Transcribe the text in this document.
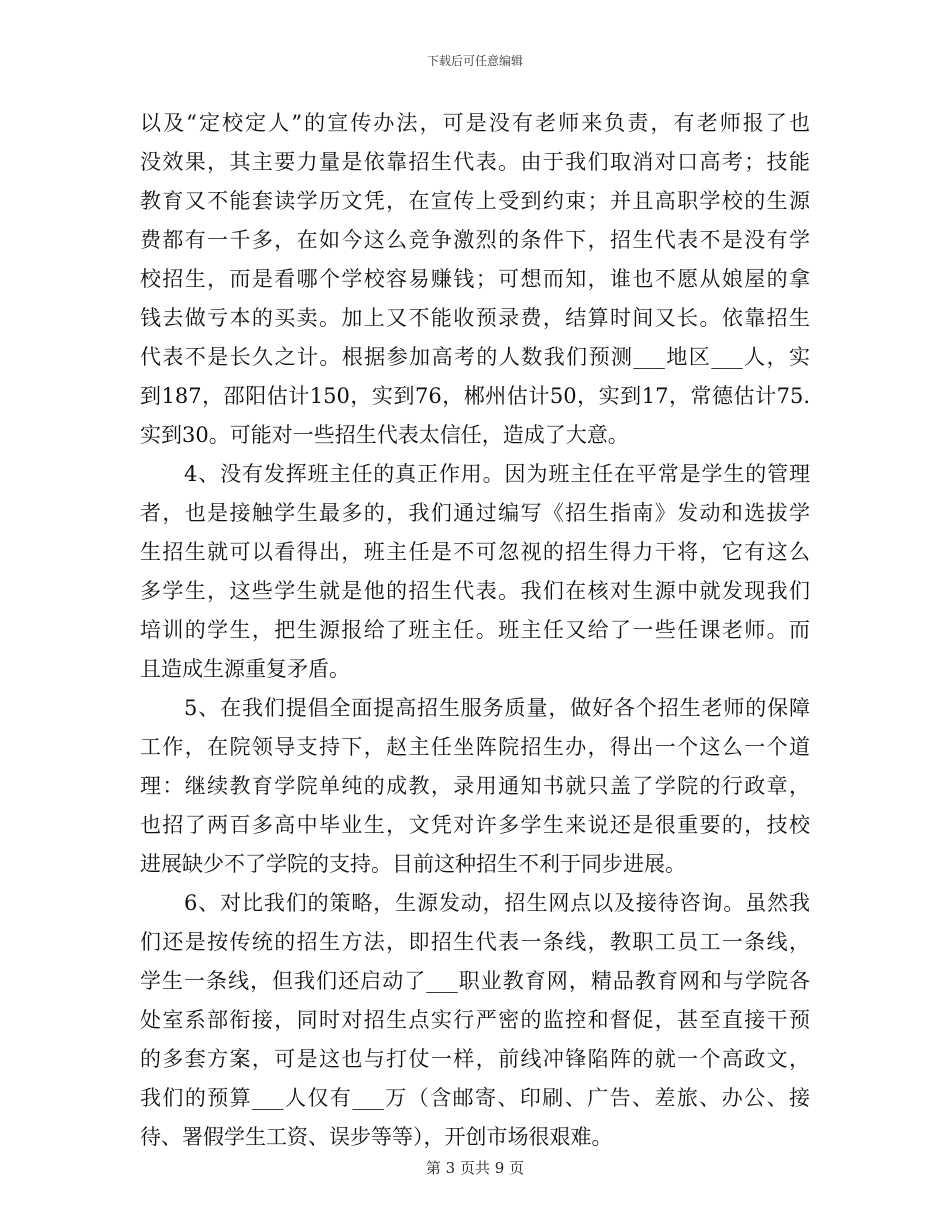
下载后可任意编辑
以及“定校定人”的宣传办法，可是没有老师来负责，有老师报了也
没效果，其主要力量是依靠招生代表。由于我们取消对口高考；技能
教育又不能套读学历文凭，在宣传上受到约束；并且高职学校的生源
费都有一千多，在如今这么竞争激烈的条件下，招生代表不是没有学
校招生，而是看哪个学校容易赚钱；可想而知，谁也不愿从娘屋的拿
钱去做亏本的买卖。加上又不能收预录费，结算时间又长。依靠招生
代表不是长久之计。根据参加高考的人数我们预测___地区___人，实
到187，邵阳估计150，实到76，郴州估计50，实到17，常德估计75.
实到30。可能对一些招生代表太信任，造成了大意。
4、没有发挥班主任的真正作用。因为班主任在平常是学生的管理
者，也是接触学生最多的，我们通过编写《招生指南》发动和选拔学
生招生就可以看得出，班主任是不可忽视的招生得力干将，它有这么
多学生，这些学生就是他的招生代表。我们在核对生源中就发现我们
培训的学生，把生源报给了班主任。班主任又给了一些任课老师。而
且造成生源重复矛盾。
5、在我们提倡全面提高招生服务质量，做好各个招生老师的保障
工作，在院领导支持下，赵主任坐阵院招生办，得出一个这么一个道
理：继续教育学院单纯的成教，录用通知书就只盖了学院的行政章，
也招了两百多高中毕业生，文凭对许多学生来说还是很重要的，技校
进展缺少不了学院的支持。目前这种招生不利于同步进展。
6、对比我们的策略，生源发动，招生网点以及接待咨询。虽然我
们还是按传统的招生方法，即招生代表一条线，教职工员工一条线，
学生一条线，但我们还启动了___职业教育网，精品教育网和与学院各
处室系部衔接，同时对招生点实行严密的监控和督促，甚至直接干预
的多套方案，可是这也与打仗一样，前线冲锋陷阵的就一个高政文，
我们的预算___人仅有___万（含邮寄、印刷、广告、差旅、办公、接
待、署假学生工资、误步等等），开创市场很艰难。
第 3 页共 9 页
